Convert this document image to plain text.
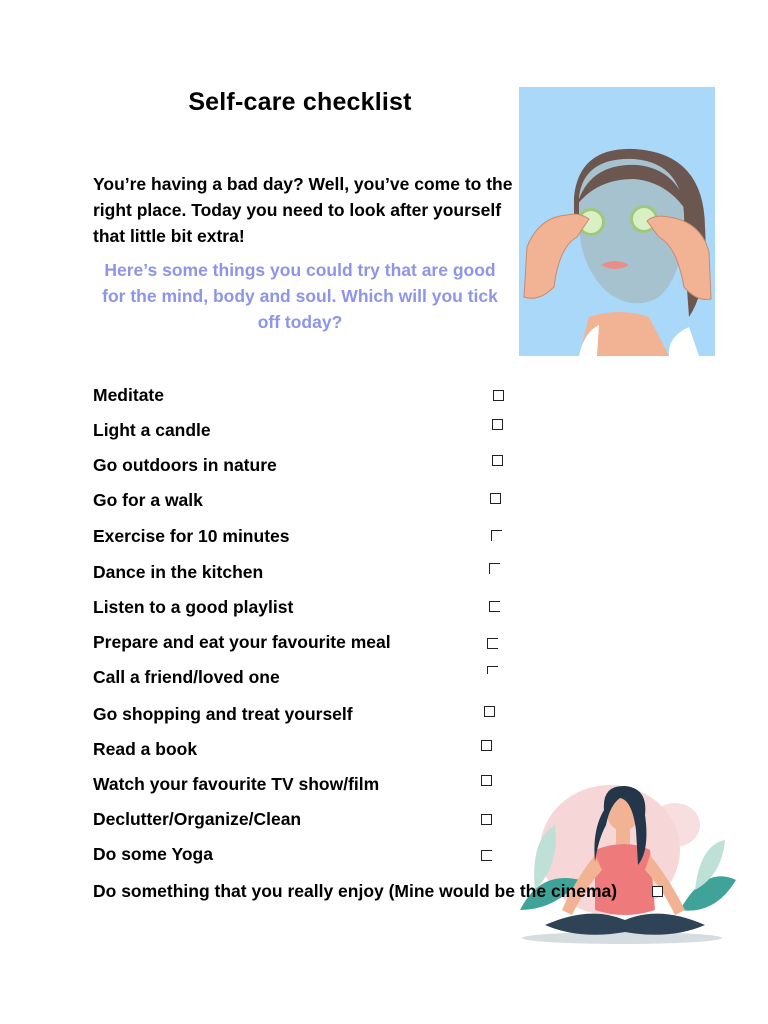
Self-care checklist
You’re having a bad day? Well, you’ve come to the right place. Today you need to look after yourself that little bit extra!
Here’s some things you could try that are good for the mind, body and soul. Which will you tick off today?
Meditate
Light a candle
Go outdoors in nature
Go for a walk
Exercise for 10 minutes
Dance in the kitchen
Listen to a good playlist
Prepare and eat your favourite meal
Call a friend/loved one
Go shopping and treat yourself
Read a book
Watch your favourite TV show/film
Declutter/Organize/Clean
Do some Yoga
Do something that you really enjoy (Mine would be the cinema)
